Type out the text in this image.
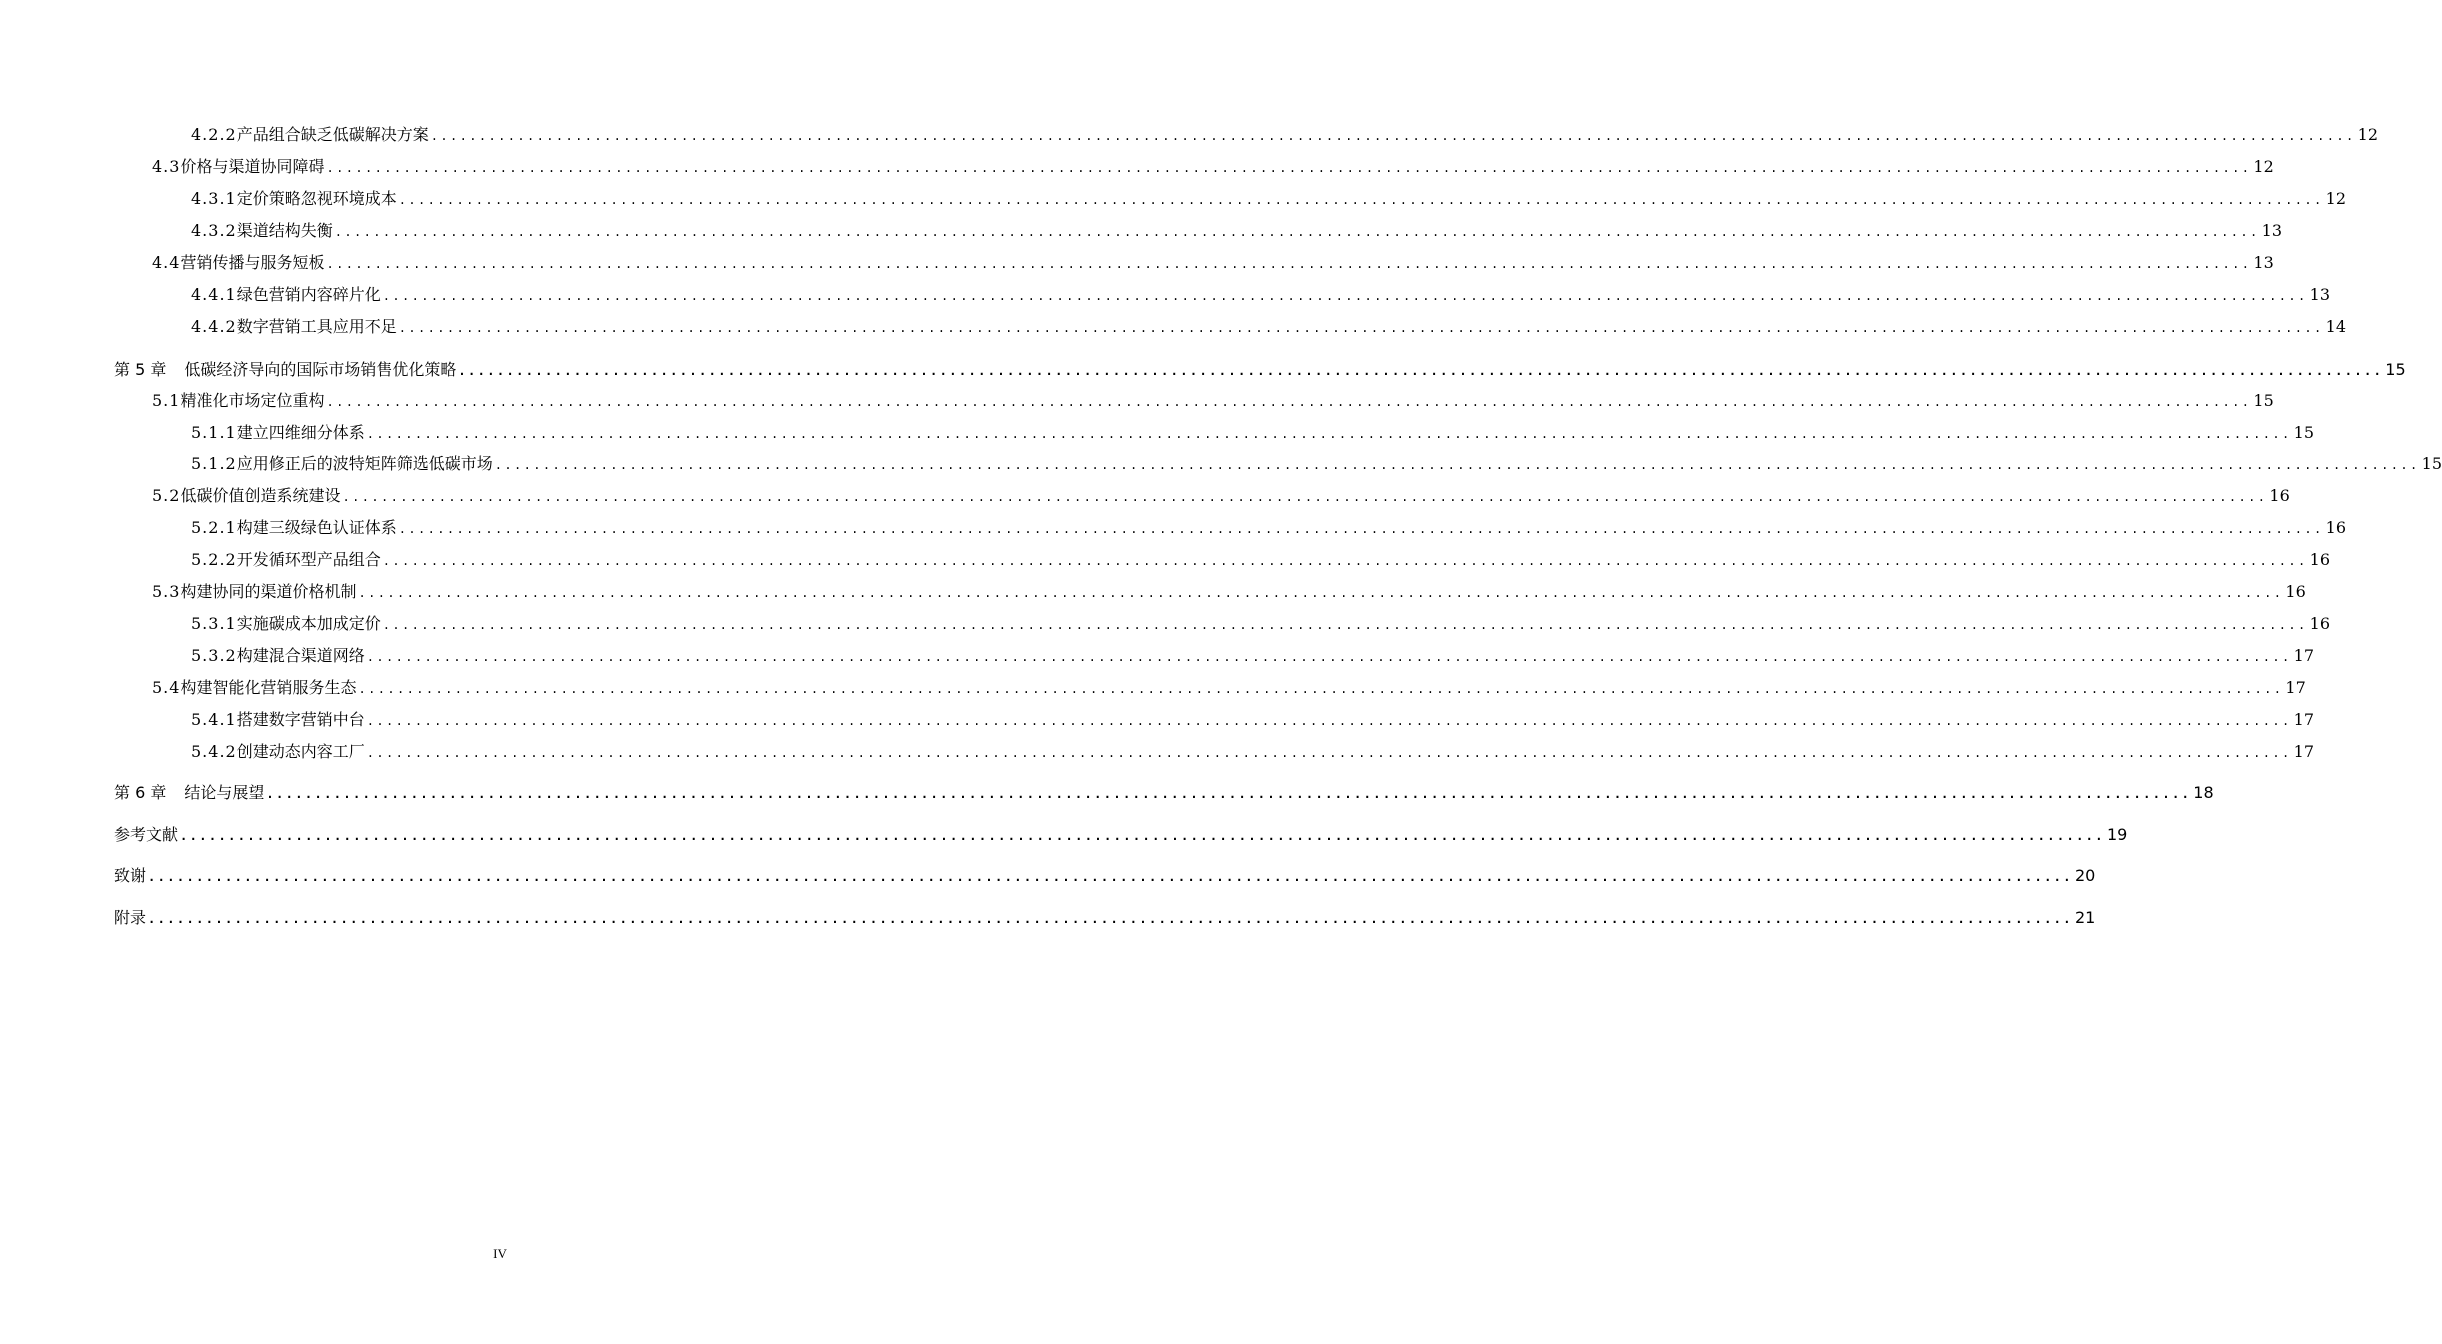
4.2.2 产品组合缺乏低碳解决方案 ........................................................................................................................................................................................................ 12
4.3 价格与渠道协同障碍 ........................................................................................................................................................................................................ 12
4.3.1 定价策略忽视环境成本 ........................................................................................................................................................................................................ 12
4.3.2 渠道结构失衡 ........................................................................................................................................................................................................ 13
4.4 营销传播与服务短板 ........................................................................................................................................................................................................ 13
4.4.1 绿色营销内容碎片化 ........................................................................................................................................................................................................ 13
4.4.2 数字营销工具应用不足 ........................................................................................................................................................................................................ 14
第 5 章 低碳经济导向的国际市场销售优化策略 ........................................................................................................................................................................................................ 15
5.1 精准化市场定位重构 ........................................................................................................................................................................................................ 15
5.1.1 建立四维细分体系 ........................................................................................................................................................................................................ 15
5.1.2 应用修正后的波特矩阵筛选低碳市场 ........................................................................................................................................................................................................ 15
5.2 低碳价值创造系统建设 ........................................................................................................................................................................................................ 16
5.2.1 构建三级绿色认证体系 ........................................................................................................................................................................................................ 16
5.2.2 开发循环型产品组合 ........................................................................................................................................................................................................ 16
5.3 构建协同的渠道价格机制 ........................................................................................................................................................................................................ 16
5.3.1 实施碳成本加成定价 ........................................................................................................................................................................................................ 16
5.3.2 构建混合渠道网络 ........................................................................................................................................................................................................ 17
5.4 构建智能化营销服务生态 ........................................................................................................................................................................................................ 17
5.4.1 搭建数字营销中台 ........................................................................................................................................................................................................ 17
5.4.2 创建动态内容工厂 ........................................................................................................................................................................................................ 17
第 6 章 结论与展望 ........................................................................................................................................................................................................ 18
参考文献 ........................................................................................................................................................................................................ 19
致谢 ........................................................................................................................................................................................................ 20
附录 ........................................................................................................................................................................................................ 21
IV
